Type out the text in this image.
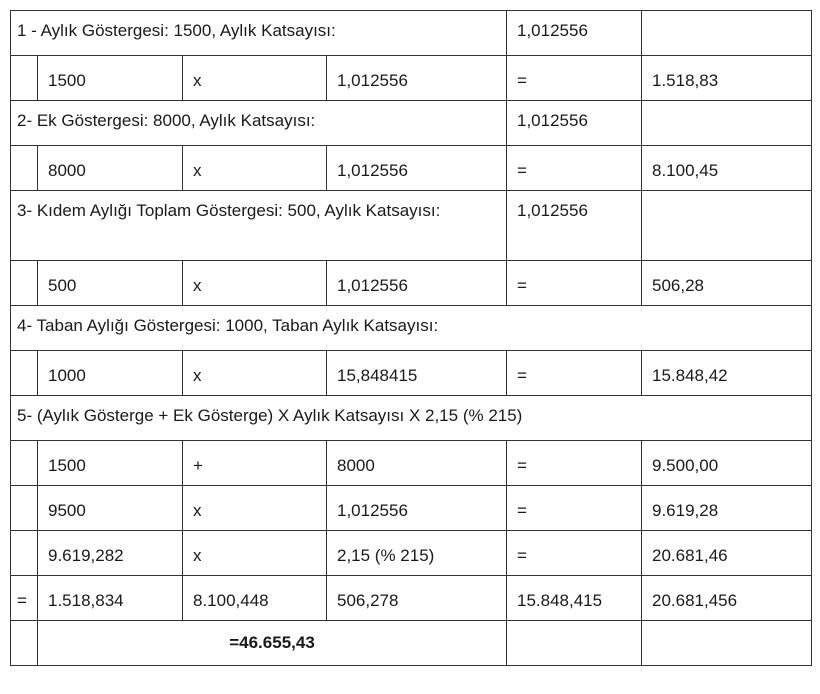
1 - Aylık Göstergesi: 1500, Aylık Katsayısı:				1,012556	
	1500	x	1,012556	=	1.518,83
2- Ek Göstergesi: 8000, Aylık Katsayısı:				1,012556	
	8000	x	1,012556	=	8.100,45

3- Kıdem Aylığı Toplam Göstergesi: 500, Aylık Katsayısı:				1,012556	
	500	x	1,012556	=	506,28
4- Taban Aylığı Göstergesi: 1000, Taban Aylık Katsayısı:					
	1000	x	15,848415	=	15.848,42
5- (Aylık Gösterge + Ek Gösterge) X Aylık Katsayısı X 2,15 (% 215)					
	1500	+	8000	=	9.500,00
	9500	x	1,012556	=	9.619,28
	9.619,282	x	2,15 (% 215)	=	20.681,46
=	1.518,834	8.100,448	506,278	15.848,415	20.681,456
	=46.655,43				
